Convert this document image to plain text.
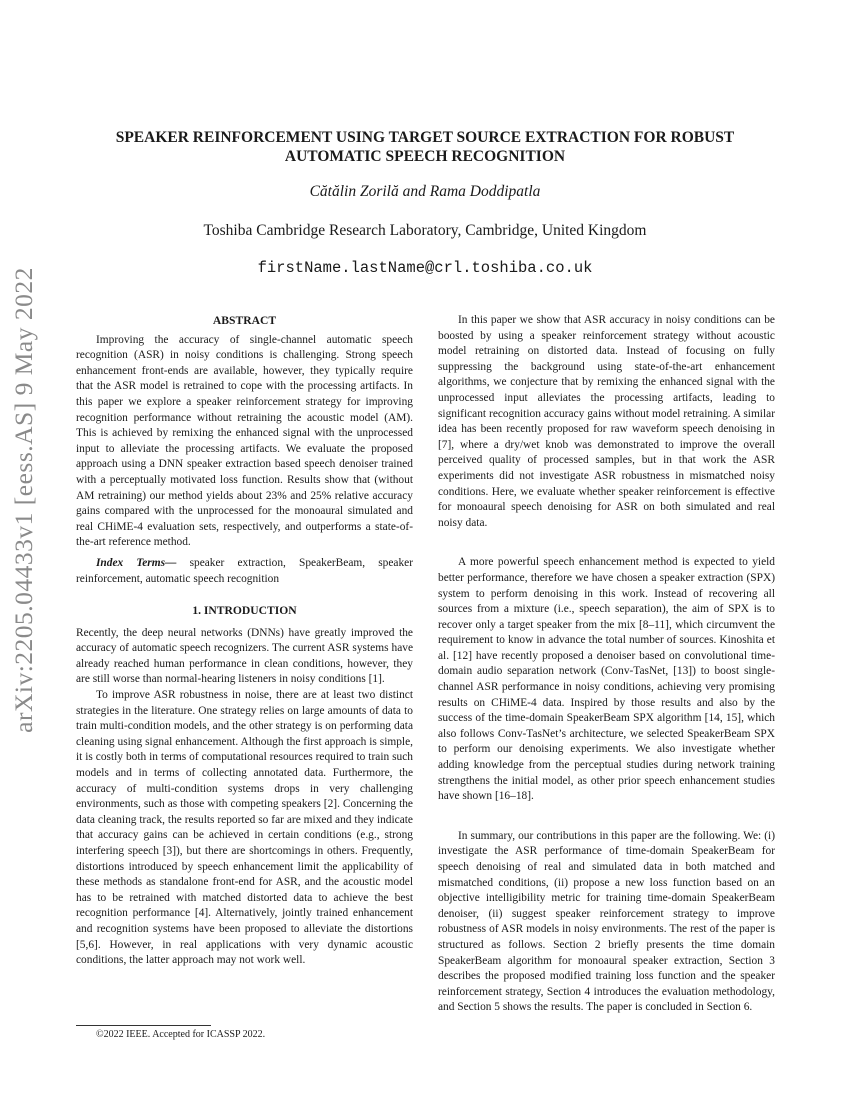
arXiv:2205.04433v1 [eess.AS] 9 May 2022
SPEAKER REINFORCEMENT USING TARGET SOURCE EXTRACTION FOR ROBUST AUTOMATIC SPEECH RECOGNITION
Cătălin Zorilă and Rama Doddipatla
Toshiba Cambridge Research Laboratory, Cambridge, United Kingdom
firstName.lastName@crl.toshiba.co.uk
ABSTRACT

Improving the accuracy of single-channel automatic speech recognition (ASR) in noisy conditions is challenging. Strong speech enhancement front-ends are available, however, they typically require that the ASR model is retrained to cope with the processing artifacts. In this paper we explore a speaker reinforcement strategy for improving recognition performance without retraining the acoustic model (AM). This is achieved by remixing the enhanced signal with the unprocessed input to alleviate the processing artifacts. We evaluate the proposed approach using a DNN speaker extraction based speech denoiser trained with a perceptually motivated loss function. Results show that (without AM retraining) our method yields about 23% and 25% relative accuracy gains compared with the unprocessed for the monoaural simulated and real CHiME-4 evaluation sets, respectively, and outperforms a state-of-the-art reference method.

Index Terms— speaker extraction, SpeakerBeam, speaker reinforcement, automatic speech recognition

1. INTRODUCTION

Recently, the deep neural networks (DNNs) have greatly improved the accuracy of automatic speech recognizers. The current ASR systems have already reached human performance in clean conditions, however, they are still worse than normal-hearing listeners in noisy conditions [1].

To improve ASR robustness in noise, there are at least two distinct strategies in the literature. One strategy relies on large amounts of data to train multi-condition models, and the other strategy is on performing data cleaning using signal enhancement. Although the first approach is simple, it is costly both in terms of computational resources required to train such models and in terms of collecting annotated data. Furthermore, the accuracy of multi-condition systems drops in very challenging environments, such as those with competing speakers [2]. Concerning the data cleaning track, the results reported so far are mixed and they indicate that accuracy gains can be achieved in certain conditions (e.g., strong interfering speech [3]), but there are shortcomings in others. Frequently, distortions introduced by speech enhancement limit the applicability of these methods as standalone front-end for ASR, and the acoustic model has to be retrained with matched distorted data to achieve the best recognition performance [4]. Alternatively, jointly trained enhancement and recognition systems have been proposed to alleviate the distortions [5,6]. However, in real applications with very dynamic acoustic conditions, the latter approach may not work well.

In this paper we show that ASR accuracy in noisy conditions can be boosted by using a speaker reinforcement strategy without acoustic model retraining on distorted data. Instead of focusing on fully suppressing the background using state-of-the-art enhancement algorithms, we conjecture that by remixing the enhanced signal with the unprocessed input alleviates the processing artifacts, leading to significant recognition accuracy gains without model retraining. A similar idea has been recently proposed for raw waveform speech denoising in [7], where a dry/wet knob was demonstrated to improve the overall perceived quality of processed samples, but in that work the ASR experiments did not investigate ASR robustness in mismatched noisy conditions. Here, we evaluate whether speaker reinforcement is effective for monoaural speech denoising for ASR on both simulated and real noisy data.

A more powerful speech enhancement method is expected to yield better performance, therefore we have chosen a speaker extraction (SPX) system to perform denoising in this work. Instead of recovering all sources from a mixture (i.e., speech separation), the aim of SPX is to recover only a target speaker from the mix [8–11], which circumvent the requirement to know in advance the total number of sources. Kinoshita et al. [12] have recently proposed a denoiser based on convolutional time-domain audio separation network (Conv-TasNet, [13]) to boost single-channel ASR performance in noisy conditions, achieving very promising results on CHiME-4 data. Inspired by those results and also by the success of the time-domain SpeakerBeam SPX algorithm [14, 15], which also follows Conv-TasNet’s architecture, we selected SpeakerBeam SPX to perform our denoising experiments. We also investigate whether adding knowledge from the perceptual studies during network training strengthens the initial model, as other prior speech enhancement studies have shown [16–18].

In summary, our contributions in this paper are the following. We: (i) investigate the ASR performance of time-domain SpeakerBeam for speech denoising of real and simulated data in both matched and mismatched conditions, (ii) propose a new loss function based on an objective intelligibility metric for training time-domain SpeakerBeam denoiser, (ii) suggest speaker reinforcement strategy to improve robustness of ASR models in noisy environments. The rest of the paper is structured as follows. Section 2 briefly presents the time domain SpeakerBeam algorithm for monoaural speaker extraction, Section 3 describes the proposed modified training loss function and the speaker reinforcement strategy, Section 4 introduces the evaluation methodology, and Section 5 shows the results. The paper is concluded in Section 6.

©2022 IEEE. Accepted for ICASSP 2022.
